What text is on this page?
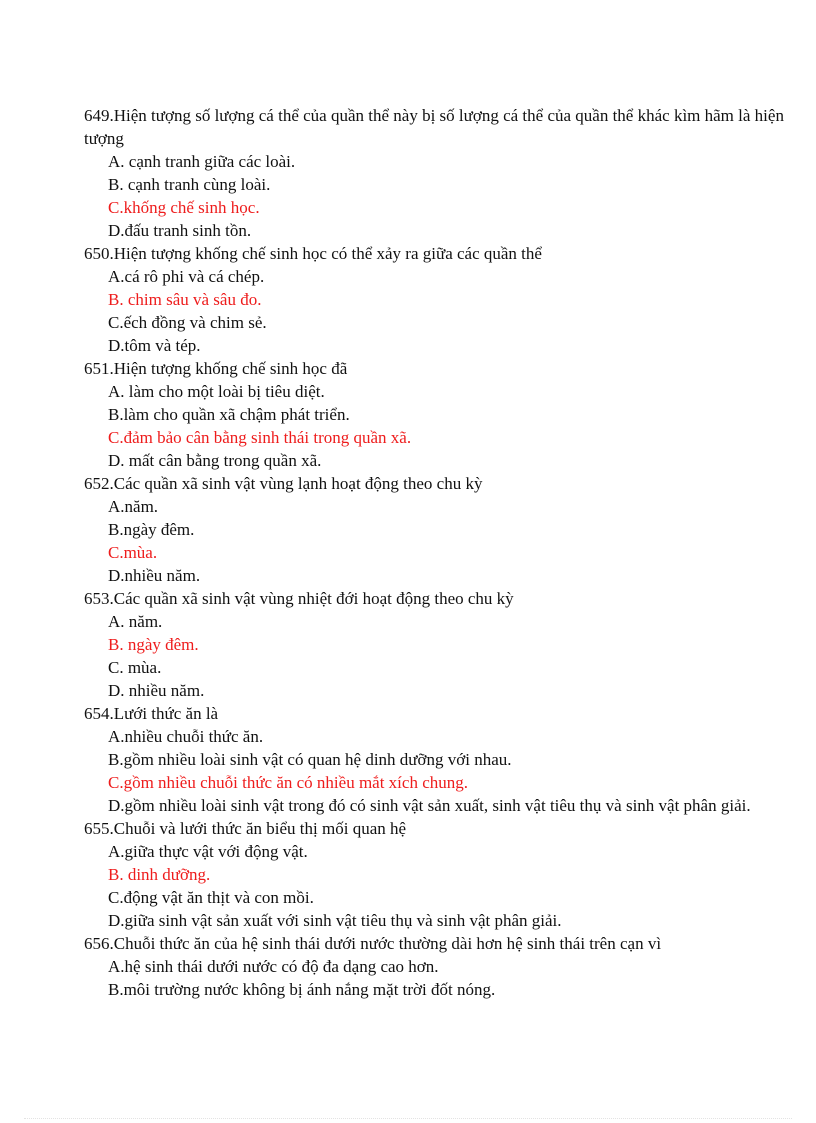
649.Hiện tượng số lượng cá thể của quần thể này bị số lượng cá thể của quần thể khác kìm hãm là hiện tượng
A. cạnh tranh giữa các loài.
B. cạnh tranh cùng loài.
C.khống chế sinh học.
D.đấu tranh sinh tồn.
650.Hiện tượng khống chế sinh học có thể xảy ra giữa các quần thể
A.cá rô phi và cá chép.
B. chim sâu và sâu đo.
C.ếch đồng và chim sẻ.
D.tôm và tép.
651.Hiện tượng khống chế sinh học đã
A. làm cho một loài bị tiêu diệt.
B.làm cho quần xã chậm phát triển.
C.đảm bảo cân bằng sinh thái trong quần xã.
D. mất cân bằng trong quần xã.
652.Các quần xã sinh vật vùng lạnh hoạt động theo chu kỳ
A.năm.
B.ngày đêm.
C.mùa.
D.nhiều năm.
653.Các quần xã sinh vật vùng nhiệt đới hoạt động theo chu kỳ
A. năm.
B. ngày đêm.
C. mùa.
D. nhiều năm.
654.Lưới thức ăn là
A.nhiều chuỗi thức ăn.
B.gồm nhiều loài sinh vật có quan hệ dinh dưỡng với nhau.
C.gồm nhiều chuỗi thức ăn có nhiều mắt xích chung.
D.gồm nhiều loài sinh vật trong đó có sinh vật sản xuất, sinh vật tiêu thụ và sinh vật phân giải.
655.Chuỗi và lưới thức ăn biểu thị mối quan hệ
A.giữa thực vật với động vật.
B. dinh dưỡng.
C.động vật ăn thịt và con mồi.
D.giữa sinh vật sản xuất với sinh vật tiêu thụ và sinh vật phân giải.
656.Chuỗi thức ăn của hệ sinh thái dưới nước thường dài hơn hệ sinh thái trên cạn vì
A.hệ sinh thái dưới nước có độ đa dạng cao hơn.
B.môi trường nước không bị ánh nắng mặt trời đốt nóng.
